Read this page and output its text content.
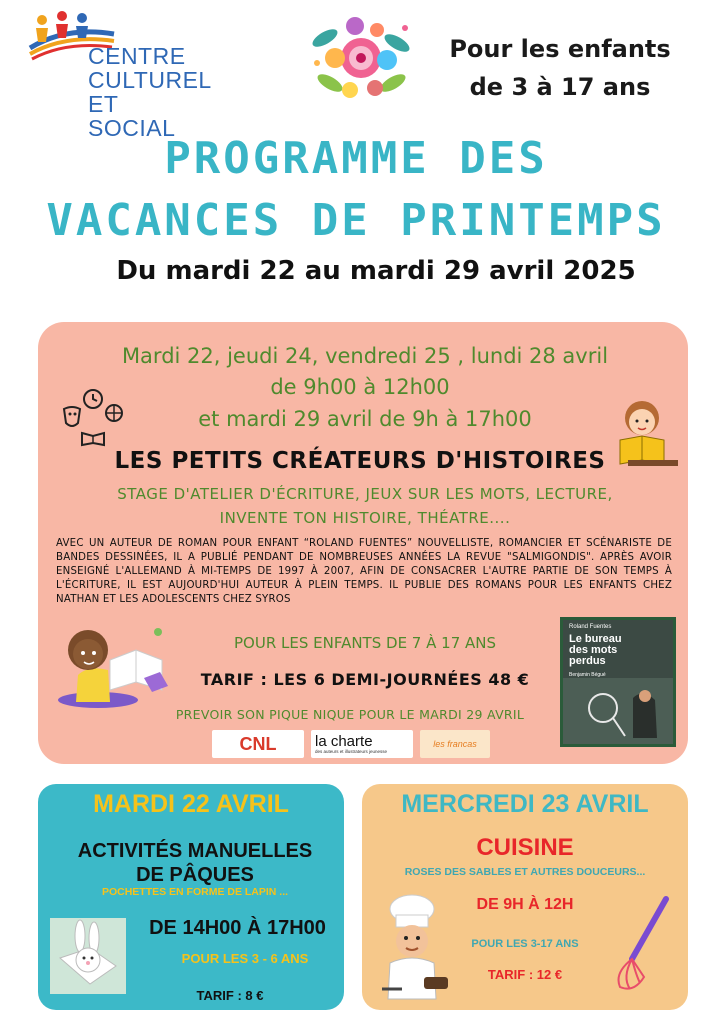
CENTRE
CULTUREL
ET SOCIAL
Pour les enfants
de 3 à 17 ans
PROGRAMME DES
VACANCES DE PRINTEMPS
Du mardi 22 au mardi 29 avril 2025
Mardi 22, jeudi 24, vendredi 25 , lundi 28 avril
de 9h00 à 12h00
et mardi 29 avril de 9h à 17h00
LES PETITS CRÉATEURS D'HISTOIRES
STAGE D'ATELIER D'ÉCRITURE, JEUX SUR LES MOTS, LECTURE,
INVENTE TON HISTOIRE, THÉATRE....
AVEC UN AUTEUR DE ROMAN POUR ENFANT “ROLAND FUENTES” NOUVELLISTE, ROMANCIER ET SCÉNARISTE DE BANDES DESSINÉES, IL A PUBLIÉ PENDANT DE NOMBREUSES ANNÉES LA REVUE "SALMIGONDIS". APRÈS AVOIR ENSEIGNÉ L'ALLEMAND À MI-TEMPS DE 1997 À 2007, AFIN DE CONSACRER L'AUTRE PARTIE DE SON TEMPS À L'ÉCRITURE, IL EST AUJOURD'HUI AUTEUR À PLEIN TEMPS. IL PUBLIE DES ROMANS POUR LES ENFANTS CHEZ NATHAN ET LES ADOLESCENTS CHEZ SYROS
POUR LES ENFANTS DE 7 À 17 ANS
TARIF : LES 6 DEMI-JOURNÉES 48 €
PREVOIR SON PIQUE NIQUE POUR LE MARDI 29 AVRIL
Roland Fuentes
Le bureau des mots perdus
Benjamin Bégué
CNL	la charte
des auteurs et illustrateurs jeunesse
les francas
MARDI 22 AVRIL
ACTIVITÉS MANUELLES
DE PÂQUES
POCHETTES EN FORME DE LAPIN ...
DE 14H00 À 17H00
POUR LES 3 - 6 ANS
TARIF : 8 €
MERCREDI 23 AVRIL
CUISINE
ROSES DES SABLES ET AUTRES DOUCEURS...
DE 9H À 12H
POUR LES 3-17 ANS
TARIF : 12 €
